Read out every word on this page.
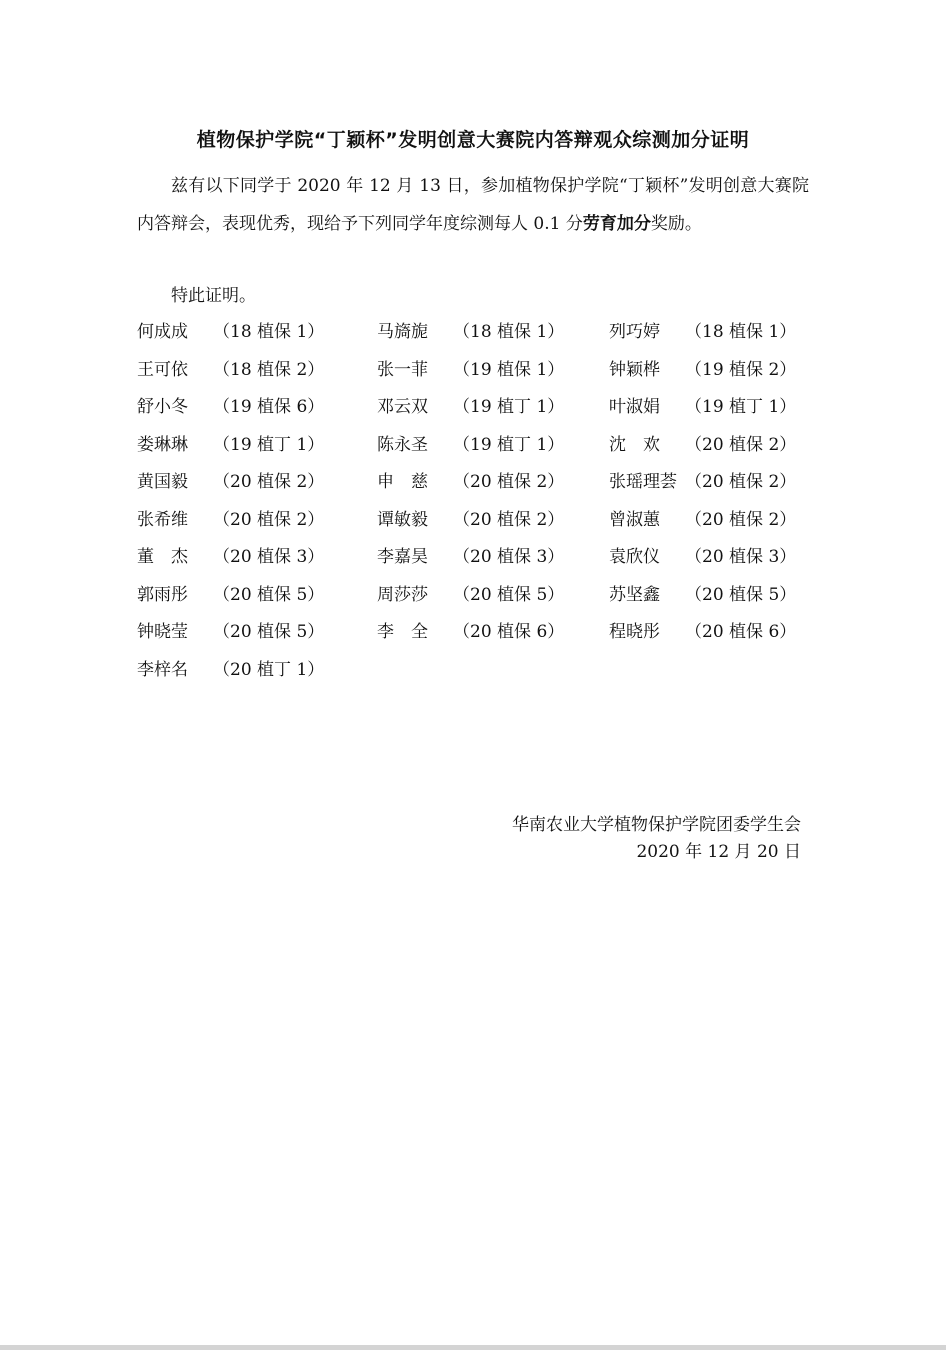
植物保护学院“丁颖杯”发明创意大赛院内答辩观众综测加分证明

兹有以下同学于 2020 年 12 月 13 日，参加植物保护学院“丁颖杯”发明创意大赛院内答辩会，表现优秀，现给予下列同学年度综测每人 0.1 分劳育加分奖励。

特此证明。
何成成 （18 植保 1）	马旖旎 （18 植保 1）	列巧婷 （18 植保 1）
王可依 （18 植保 2）	张一菲 （19 植保 1）	钟颖桦 （19 植保 2）
舒小冬 （19 植保 6）	邓云双 （19 植丁 1）	叶淑娟 （19 植丁 1）
娄琳琳 （19 植丁 1）	陈永圣 （19 植丁 1）	沈　欢 （20 植保 2）
黄国毅 （20 植保 2）	申　慈 （20 植保 2）	张瑶理荟 （20 植保 2）
张希维 （20 植保 2）	谭敏毅 （20 植保 2）	曾淑蕙 （20 植保 2）
董　杰 （20 植保 3）	李嘉昊 （20 植保 3）	袁欣仪 （20 植保 3）
郭雨彤 （20 植保 5）	周莎莎 （20 植保 5）	苏坚鑫 （20 植保 5）
钟晓莹 （20 植保 5）	李　全 （20 植保 6）	程晓彤 （20 植保 6）
李梓名 （20 植丁 1）
华南农业大学植物保护学院团委学生会
2020 年 12 月 20 日
